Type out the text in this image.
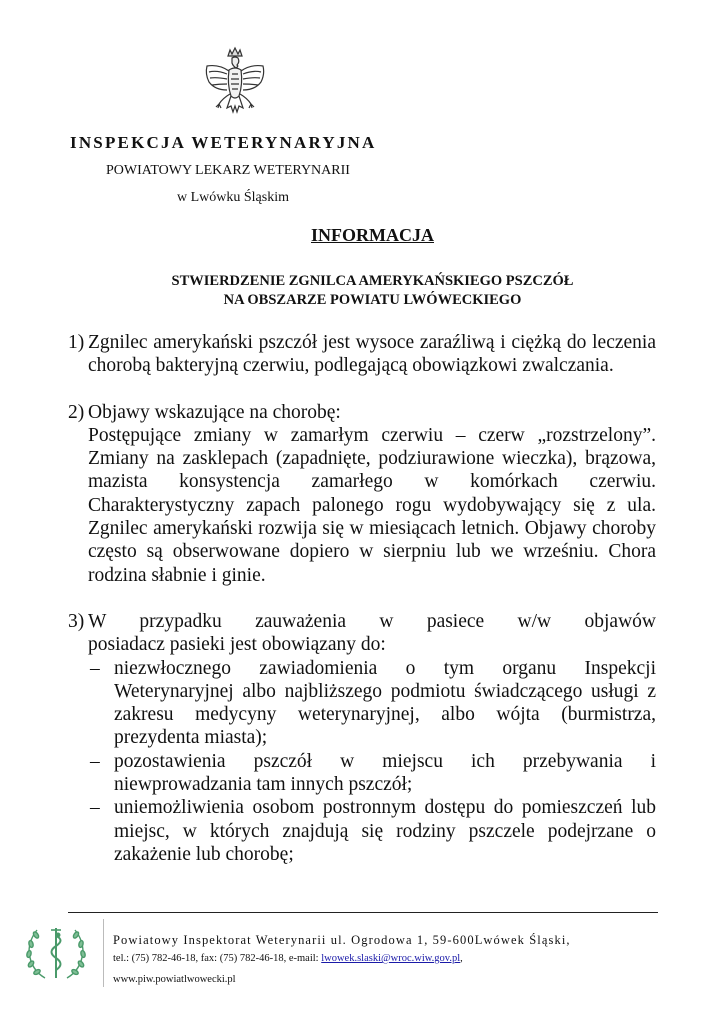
INSPEKCJA WETERYNARYJNA
POWIATOWY LEKARZ WETERYNARII
w Lwówku Śląskim
INFORMACJA
STWIERDZENIE ZGNILCA AMERYKAŃSKIEGO PSZCZÓŁ
NA OBSZARZE POWIATU LWÓWECKIEGO
1) Zgnilec amerykański pszczół jest wysoce zaraźliwą i ciężką do leczenia chorobą bakteryjną czerwiu, podlegającą obowiązkowi zwalczania.
2) Objawy wskazujące na chorobę:
Postępujące zmiany w zamarłym czerwiu – czerw „rozstrzelony”. Zmiany na zasklepach (zapadnięte, podziurawione wieczka), brązowa, mazista konsystencja zamarłego w komórkach czerwiu. Charakterystyczny zapach palonego rogu wydobywający się z ula. Zgnilec amerykański rozwija się w miesiącach letnich. Objawy choroby często są obserwowane dopiero w sierpniu lub we wrześniu. Chora rodzina słabnie i ginie.
3) W przypadku zauważenia w pasiece w/w objawów
posiadacz pasieki jest obowiązany do:
– niezwłocznego zawiadomienia o tym organu Inspekcji Weterynaryjnej albo najbliższego podmiotu świadczącego usługi z zakresu medycyny weterynaryjnej, albo wójta (burmistrza, prezydenta miasta);
– pozostawienia pszczół w miejscu ich przebywania i niewprowadzania tam innych pszczół;
– uniemożliwienia osobom postronnym dostępu do pomieszczeń lub miejsc, w których znajdują się rodziny pszczele podejrzane o zakażenie lub chorobę;
Powiatowy Inspektorat Weterynarii ul. Ogrodowa 1, 59-600Lwówek Śląski,
tel.: (75) 782-46-18, fax: (75) 782-46-18, e-mail: lwowek.slaski@wroc.wiw.gov.pl,
www.piw.powiatlwowecki.pl
